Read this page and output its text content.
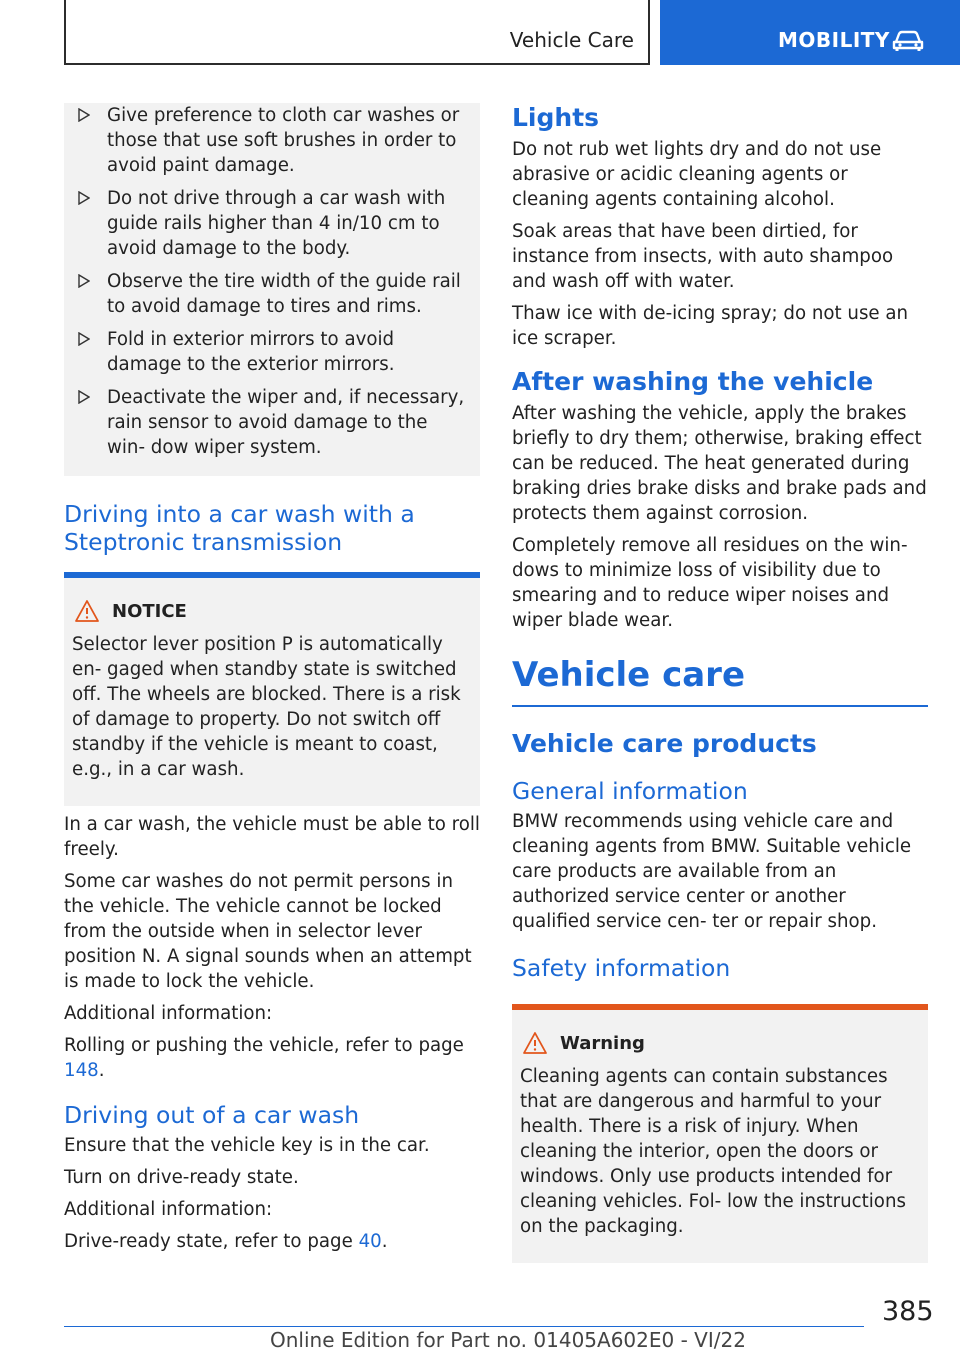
Vehicle Care	MOBILITY
Give preference to cloth car washes or those that use soft brushes in order to avoid paint damage.
Do not drive through a car wash with guide rails higher than 4 in/10 cm to avoid damage to the body.
Observe the tire width of the guide rail to avoid damage to tires and rims.
Fold in exterior mirrors to avoid damage to the exterior mirrors.
Deactivate the wiper and, if necessary, rain sensor to avoid damage to the win‐ dow wiper system.
Driving into a car wash with a Steptronic transmission
NOTICE
Selector lever position P is automatically en‐ gaged when standby state is switched off. The wheels are blocked. There is a risk of damage to property. Do not switch off standby if the vehicle is meant to coast, e.g., in a car wash.

In a car wash, the vehicle must be able to roll freely.

Some car washes do not permit persons in the vehicle. The vehicle cannot be locked from the outside when in selector lever position N. A signal sounds when an attempt is made to lock the vehicle.

Additional information:

Rolling or pushing the vehicle, refer to page 148.

Driving out of a car wash

Ensure that the vehicle key is in the car.

Turn on drive-ready state.

Additional information:

Drive-ready state, refer to page 40.

Lights

Do not rub wet lights dry and do not use abrasive or acidic cleaning agents or cleaning agents containing alcohol.

Soak areas that have been dirtied, for instance from insects, with auto shampoo and wash off with water.

Thaw ice with de-icing spray; do not use an ice scraper.

After washing the vehicle

After washing the vehicle, apply the brakes briefly to dry them; otherwise, braking effect can be reduced. The heat generated during braking dries brake disks and brake pads and protects them against corrosion.

Completely remove all residues on the win‐ dows to minimize loss of visibility due to smearing and to reduce wiper noises and wiper blade wear.

Vehicle care
Vehicle care products
General information

BMW recommends using vehicle care and cleaning agents from BMW. Suitable vehicle care products are available from an authorized service center or another qualified service cen‐ ter or repair shop.

Safety information
Warning
Cleaning agents can contain substances that are dangerous and harmful to your health. There is a risk of injury. When cleaning the interior, open the doors or windows. Only use products intended for cleaning vehicles. Fol‐ low the instructions on the packaging.
385
Online Edition for Part no. 01405A602E0 - VI/22
